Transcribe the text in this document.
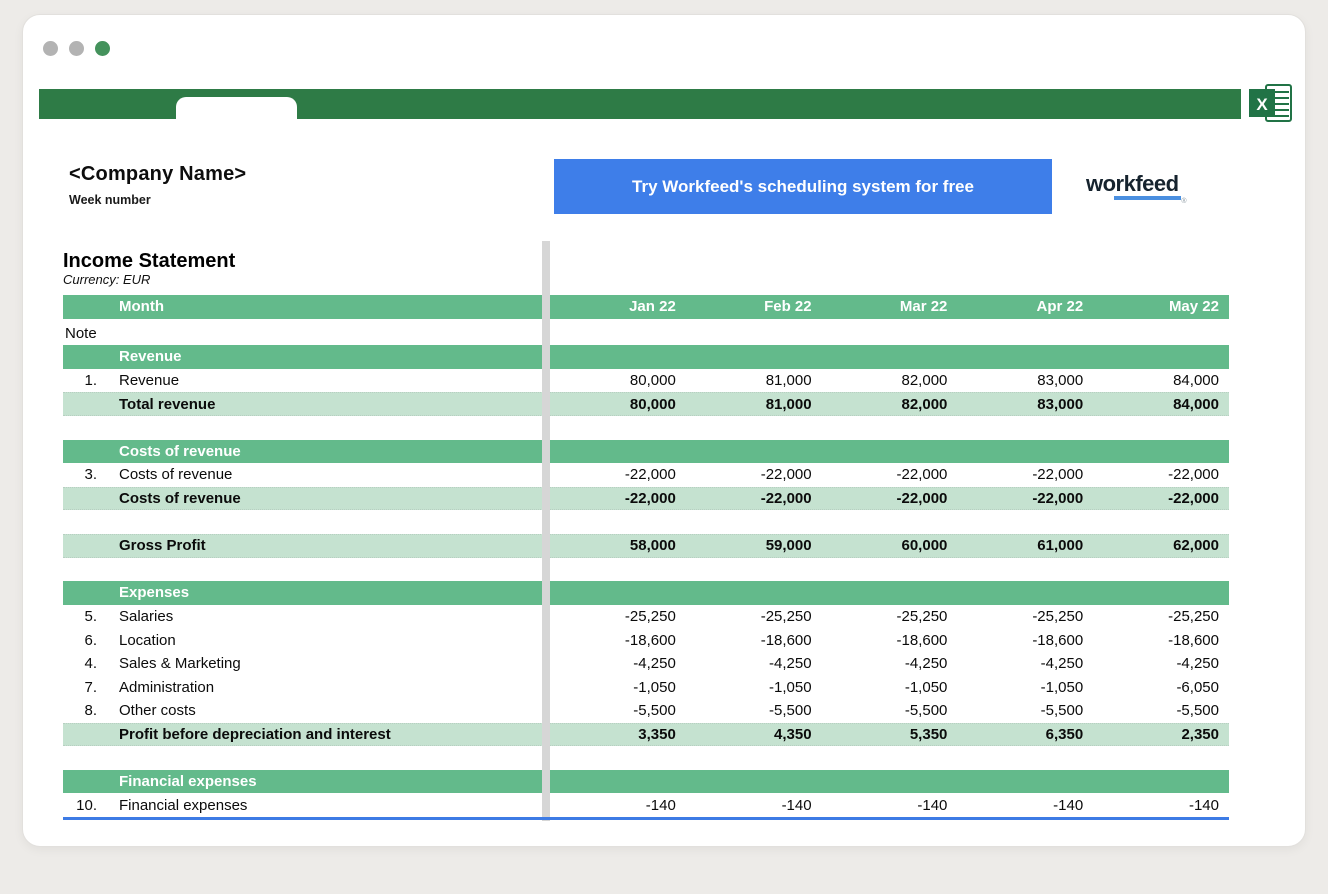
X
<Company Name>
Week number
Try Workfeed's scheduling system for free	workfeed
®
Income Statement
Currency: EUR
Month	Jan 22	Feb 22	Mar 22	Apr 22	May 22
Note
Revenue
1.	Revenue	80,000	81,000	82,000	83,000	84,000
Total revenue	80,000	81,000	82,000	83,000	84,000
Costs of revenue
3.	Costs of revenue	-22,000	-22,000	-22,000	-22,000	-22,000
Costs of revenue	-22,000	-22,000	-22,000	-22,000	-22,000
Gross Profit	58,000	59,000	60,000	61,000	62,000
Expenses
5.	Salaries	-25,250	-25,250	-25,250	-25,250	-25,250
6.	Location	-18,600	-18,600	-18,600	-18,600	-18,600
4.	Sales & Marketing	-4,250	-4,250	-4,250	-4,250	-4,250
7.	Administration	-1,050	-1,050	-1,050	-1,050	-6,050
8.	Other costs	-5,500	-5,500	-5,500	-5,500	-5,500
Profit before depreciation and interest	3,350	4,350	5,350	6,350	2,350
Financial expenses
10.	Financial expenses	-140	-140	-140	-140	-140
